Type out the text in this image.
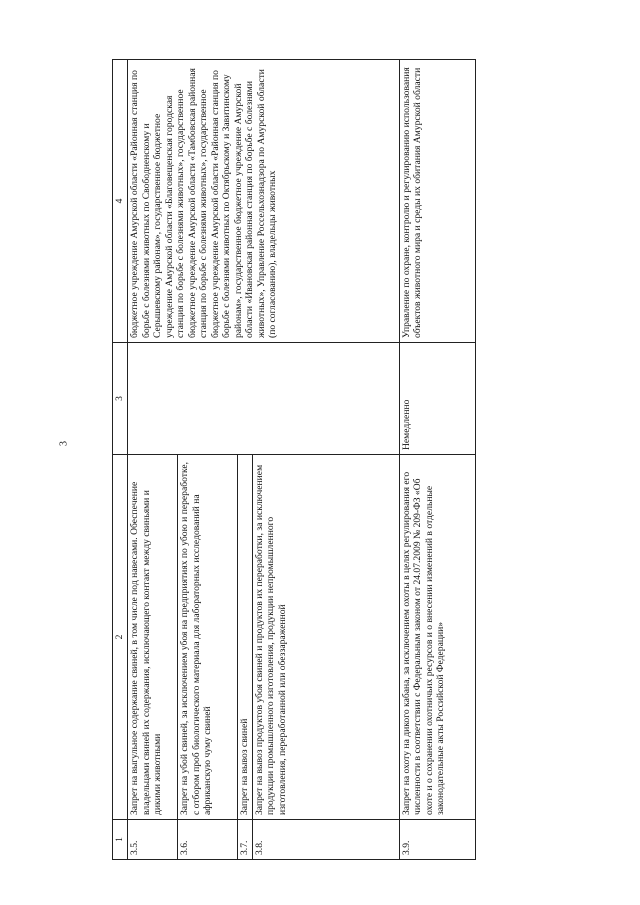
3
1	2	3	4
3.5.	Запрет на выгульное содержание свиней, в том числе под навесами. Обеспечение владельцами свиней их содержания, исключающего контакт между свиньями и дикими животными		бюджетное учреждение Амурской области «Районная станция по борьбе с болезнями животных по Свободненскому и Серышевскому районам», государственное бюджетное учреждение Амурской области «Благовещенская городская станция по борьбе с болезнями животных», государственное бюджетное учреждение Амурской области «Тамбовская районная станция по борьбе с болезнями животных», государственное бюджетное учреждение Амурской области «Районная станция по борьбе с болезнями животных по Октябрьскому и Завитинскому районам», государственное бюджетное учреждение Амурской области «Ивановская районная станция по борьбе с болезнями животных», Управление Россельхознадзора по Амурской области (по согласованию), владельцы животных
3.6.	Запрет на убой свиней, за исключением убоя на предприятиях по убою и переработке, с отбором проб биологического материала для лабораторных исследований на африканскую чуму свиней		
3.7.	Запрет на вывоз свиней		
3.8.	Запрет на вывоз продуктов убоя свиней и продуктов их переработки, за исключением продукции промышленного изготовления, продукции непромышленного изготовления, переработанной или обеззараженной		
3.9.	Запрет на охоту на дикого кабана, за исключением охоты в целях регулирования его численности в соответствии с Федеральным законом от 24.07.2009 № 209-ФЗ «Об охоте и о сохранении охотничьих ресурсов и о внесении изменений в отдельные законодательные акты Российской Федерации»	Немедленно	Управление по охране, контролю и регулированию использования объектов животного мира и среды их обитания Амурской области
